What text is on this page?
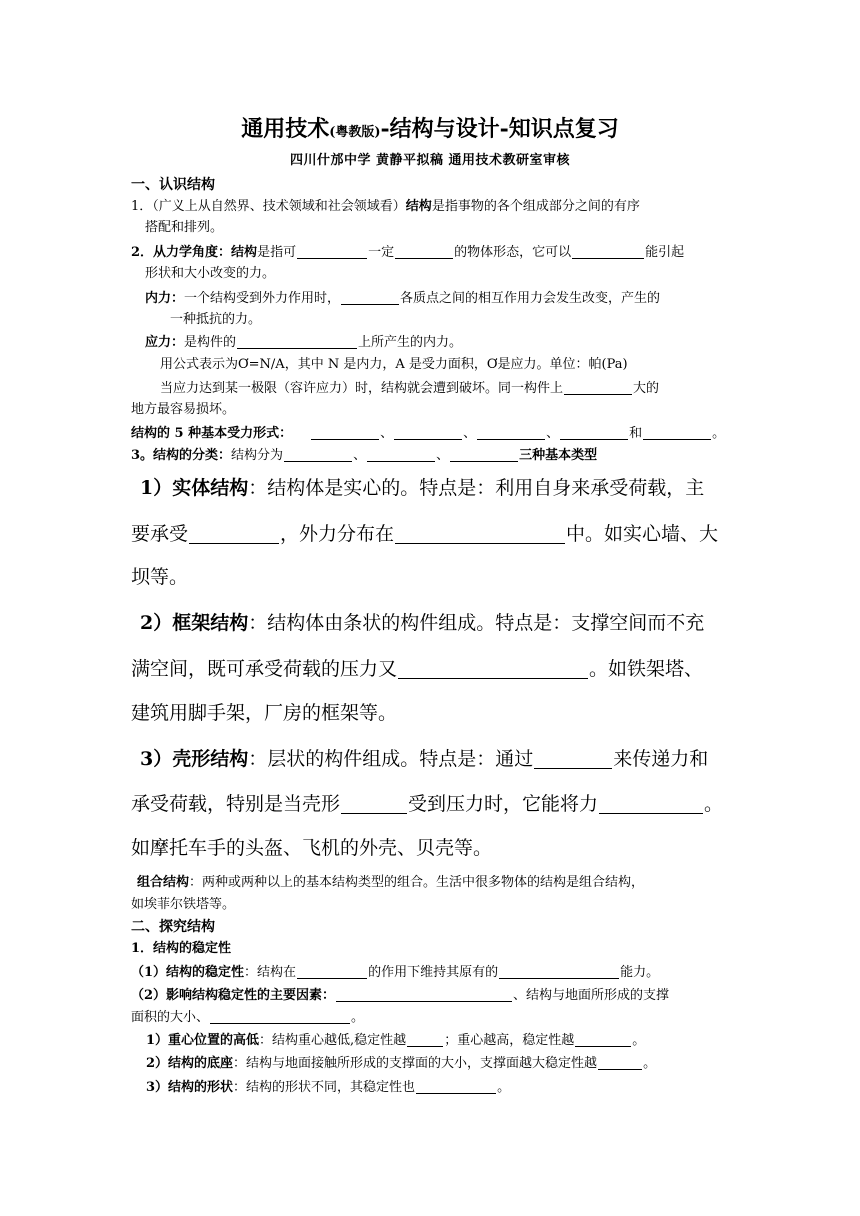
通用技术(粤教版)-结构与设计-知识点复习
四川什邡中学 黄静平拟稿 通用技术教研室审核
一、认识结构
1．（广义上从自然界、技术领域和社会领域看）结构是指事物的各个组成部分之间的有序
搭配和排列。
2．从力学角度：结构是指可	一定	的物体形态，它可以	能引起
形状和大小改变的力。
内力：一个结构受到外力作用时，	各质点之间的相互作用力会发生改变，产生的
一种抵抗的力。
应力：是构件的	上所产生的内力。
用公式表示为Ơ=N/A，其中 N 是内力，A 是受力面积，Ơ是应力。单位：帕(Pa)
当应力达到某一极限（容许应力）时，结构就会遭到破坏。同一构件上	大的
地方最容易损坏。
结构的 5 种基本受力形式：	、	、	、	和	。
3。结构的分类：结构分为	、	、	三种基本类型
1）实体结构：结构体是实心的。特点是：利用自身来承受荷载，主
要承受	，外力分布在	中。如实心墙、大
坝等。
2）框架结构：结构体由条状的构件组成。特点是：支撑空间而不充
满空间，既可承受荷载的压力又	。如铁架塔、
建筑用脚手架，厂房的框架等。
3）壳形结构：层状的构件组成。特点是：通过	来传递力和
承受荷载，特别是当壳形	受到压力时，它能将力	。
如摩托车手的头盔、飞机的外壳、贝壳等。
组合结构：两种或两种以上的基本结构类型的组合。生活中很多物体的结构是组合结构，
如埃菲尔铁塔等。
二、探究结构
1．结构的稳定性
（1）结构的稳定性：结构在	的作用下维持其原有的	能力。
（2）影响结构稳定性的主要因素：	、结构与地面所形成的支撑
面积的大小、	。
1）重心位置的高低：结构重心越低,稳定性越	；重心越高，稳定性越	。
2）结构的底座：结构与地面接触所形成的支撑面的大小，支撑面越大稳定性越	。
3）结构的形状：结构的形状不同，其稳定性也	。
